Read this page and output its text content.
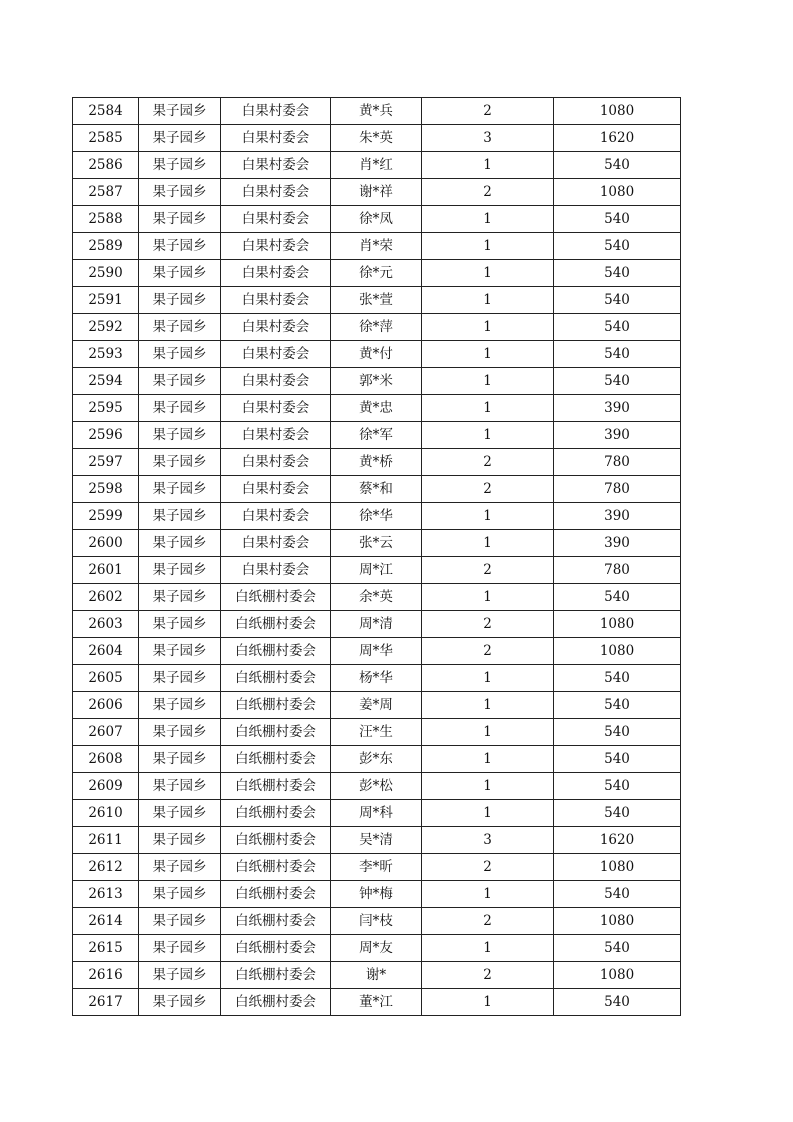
2584	果子园乡	白果村委会	黄*兵	2	1080
2585	果子园乡	白果村委会	朱*英	3	1620
2586	果子园乡	白果村委会	肖*红	1	540
2587	果子园乡	白果村委会	谢*祥	2	1080
2588	果子园乡	白果村委会	徐*凤	1	540
2589	果子园乡	白果村委会	肖*荣	1	540
2590	果子园乡	白果村委会	徐*元	1	540
2591	果子园乡	白果村委会	张*萱	1	540
2592	果子园乡	白果村委会	徐*萍	1	540
2593	果子园乡	白果村委会	黄*付	1	540
2594	果子园乡	白果村委会	郭*米	1	540
2595	果子园乡	白果村委会	黄*忠	1	390
2596	果子园乡	白果村委会	徐*军	1	390
2597	果子园乡	白果村委会	黄*桥	2	780
2598	果子园乡	白果村委会	蔡*和	2	780
2599	果子园乡	白果村委会	徐*华	1	390
2600	果子园乡	白果村委会	张*云	1	390
2601	果子园乡	白果村委会	周*江	2	780
2602	果子园乡	白纸棚村委会	余*英	1	540
2603	果子园乡	白纸棚村委会	周*清	2	1080
2604	果子园乡	白纸棚村委会	周*华	2	1080
2605	果子园乡	白纸棚村委会	杨*华	1	540
2606	果子园乡	白纸棚村委会	姜*周	1	540
2607	果子园乡	白纸棚村委会	汪*生	1	540
2608	果子园乡	白纸棚村委会	彭*东	1	540
2609	果子园乡	白纸棚村委会	彭*松	1	540
2610	果子园乡	白纸棚村委会	周*科	1	540
2611	果子园乡	白纸棚村委会	吴*清	3	1620
2612	果子园乡	白纸棚村委会	李*昕	2	1080
2613	果子园乡	白纸棚村委会	钟*梅	1	540
2614	果子园乡	白纸棚村委会	闫*枝	2	1080
2615	果子园乡	白纸棚村委会	周*友	1	540
2616	果子园乡	白纸棚村委会	谢*	2	1080
2617	果子园乡	白纸棚村委会	董*江	1	540
